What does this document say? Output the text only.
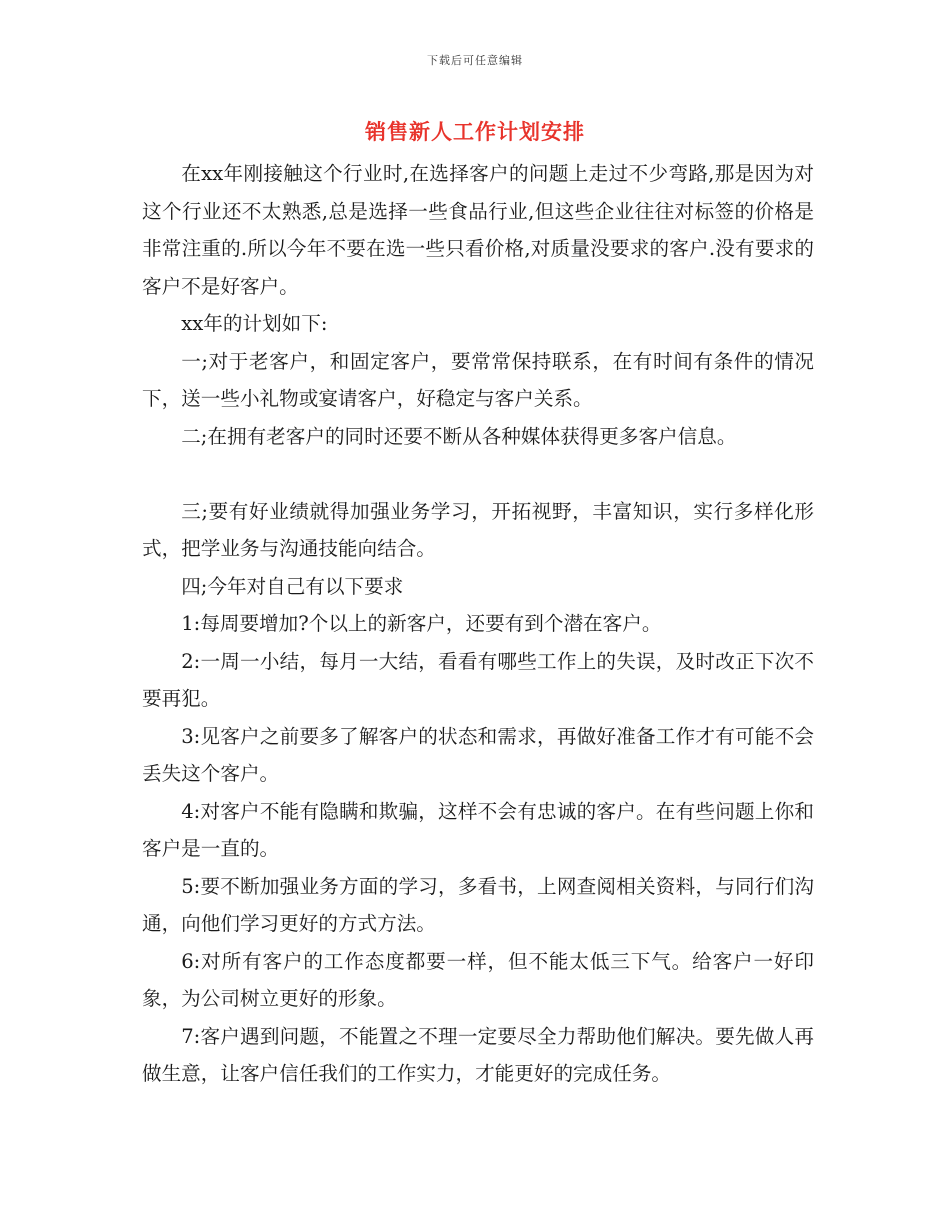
下载后可任意编辑
销售新人工作计划安排

在xx年刚接触这个行业时,在选择客户的问题上走过不少弯路,那是因为对这个行业还不太熟悉,总是选择一些食品行业,但这些企业往往对标签的价格是非常注重的.所以今年不要在选一些只看价格,对质量没要求的客户.没有要求的客户不是好客户。

xx年的计划如下:

一;对于老客户，和固定客户，要常常保持联系，在有时间有条件的情况下，送一些小礼物或宴请客户，好稳定与客户关系。

二;在拥有老客户的同时还要不断从各种媒体获得更多客户信息。

三;要有好业绩就得加强业务学习，开拓视野，丰富知识，实行多样化形式，把学业务与沟通技能向结合。

四;今年对自己有以下要求

1:每周要增加?个以上的新客户，还要有到个潜在客户。

2:一周一小结，每月一大结，看看有哪些工作上的失误，及时改正下次不要再犯。

3:见客户之前要多了解客户的状态和需求，再做好准备工作才有可能不会丢失这个客户。

4:对客户不能有隐瞒和欺骗，这样不会有忠诚的客户。在有些问题上你和客户是一直的。

5:要不断加强业务方面的学习，多看书，上网查阅相关资料，与同行们沟通，向他们学习更好的方式方法。

6:对所有客户的工作态度都要一样，但不能太低三下气。给客户一好印象，为公司树立更好的形象。

7:客户遇到问题，不能置之不理一定要尽全力帮助他们解决。要先做人再做生意，让客户信任我们的工作实力，才能更好的完成任务。
